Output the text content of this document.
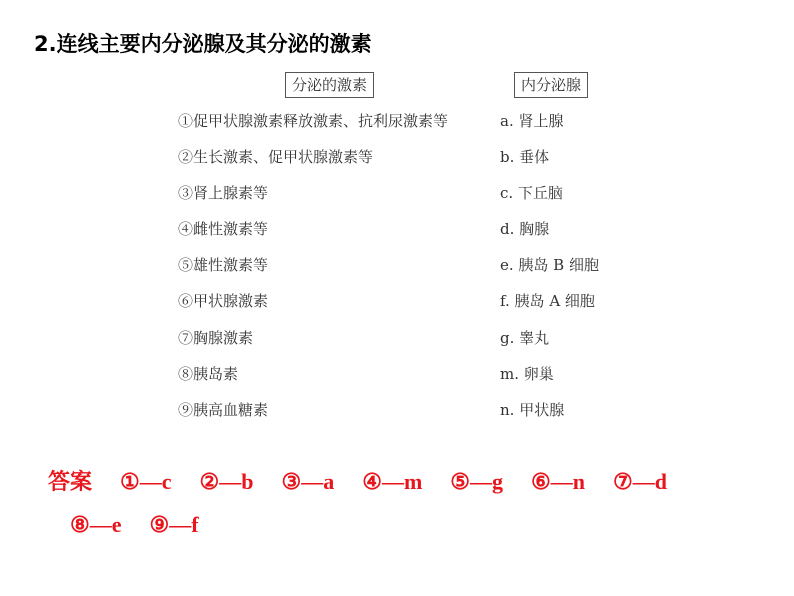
2.连线主要内分泌腺及其分泌的激素
分泌的激素	内分泌腺
①促甲状腺激素释放激素、抗利尿激素等
②生长激素、促甲状腺激素等
③肾上腺素等
④雌性激素等
⑤雄性激素等
⑥甲状腺激素
⑦胸腺激素
⑧胰岛素
⑨胰高血糖素
a. 肾上腺
b. 垂体
c. 下丘脑
d. 胸腺
e. 胰岛 B 细胞
f. 胰岛 A 细胞
g. 睾丸
m. 卵巢
n. 甲状腺
答案 ①—c ②—b ③—a ④—m ⑤—g ⑥—n ⑦—d
⑧—e ⑨—f
